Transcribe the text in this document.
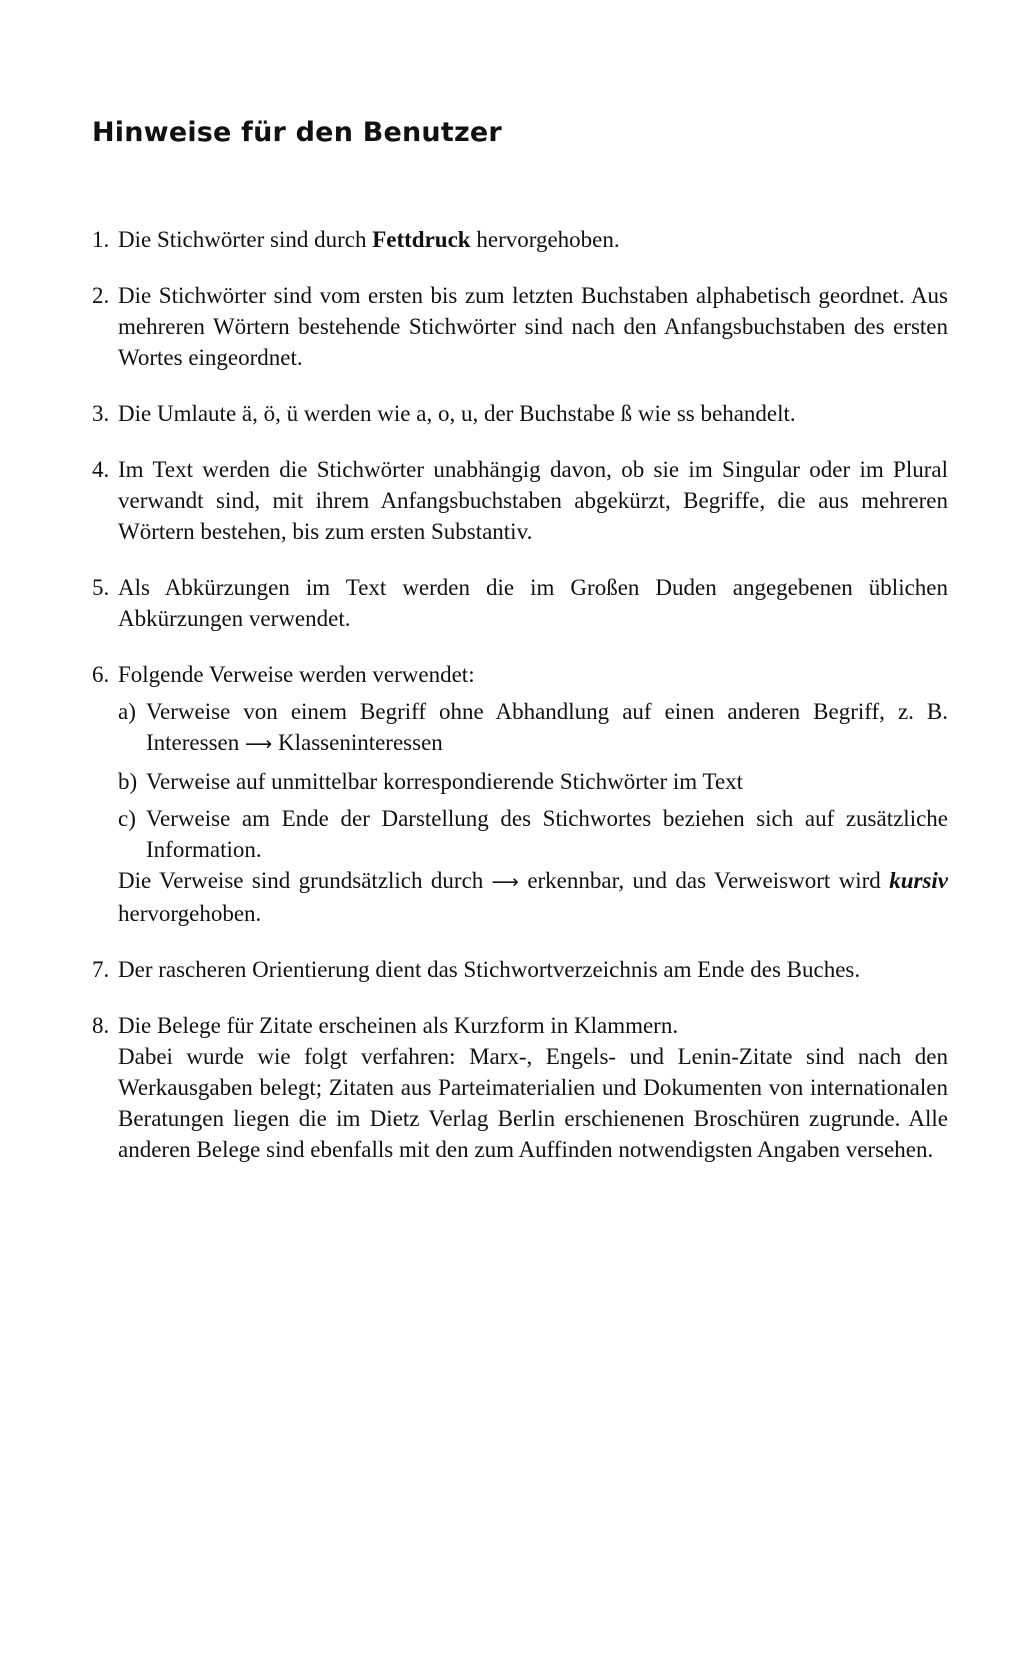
Hinweise für den Benutzer
1. Die Stichwörter sind durch Fettdruck hervorgehoben.

2. Die Stichwörter sind vom ersten bis zum letzten Buchstaben alphabetisch geordnet. Aus mehreren Wörtern bestehende Stichwörter sind nach den Anfangsbuchstaben des ersten Wortes eingeordnet.

3. Die Umlaute ä, ö, ü werden wie a, o, u, der Buchstabe ß wie ss behandelt.

4. Im Text werden die Stichwörter unabhängig davon, ob sie im Singular oder im Plural verwandt sind, mit ihrem Anfangsbuchstaben abgekürzt, Begriffe, die aus mehreren Wörtern bestehen, bis zum ersten Substantiv.

5. Als Abkürzungen im Text werden die im Großen Duden angegebenen üblichen Abkürzungen verwendet.

6. Folgende Verweise werden verwendet:

a) Verweise von einem Begriff ohne Abhandlung auf einen anderen Begriff, z. B. Interessen ⟶ Klasseninteressen
b) Verweise auf unmittelbar korrespondierende Stichwörter im Text
c) Verweise am Ende der Darstellung des Stichwortes beziehen sich auf zusätzliche Information.

Die Verweise sind grundsätzlich durch ⟶ erkennbar, und das Verweiswort wird kursiv hervorgehoben.

7. Der rascheren Orientierung dient das Stichwortverzeichnis am Ende des Buches.

8. Die Belege für Zitate erscheinen als Kurzform in Klammern.

Dabei wurde wie folgt verfahren: Marx-, Engels- und Lenin-Zitate sind nach den Werkausgaben belegt; Zitaten aus Parteimaterialien und Dokumenten von internationalen Beratungen liegen die im Dietz Verlag Berlin erschienenen Broschüren zugrunde. Alle anderen Belege sind ebenfalls mit den zum Auffinden notwendigsten Angaben versehen.
